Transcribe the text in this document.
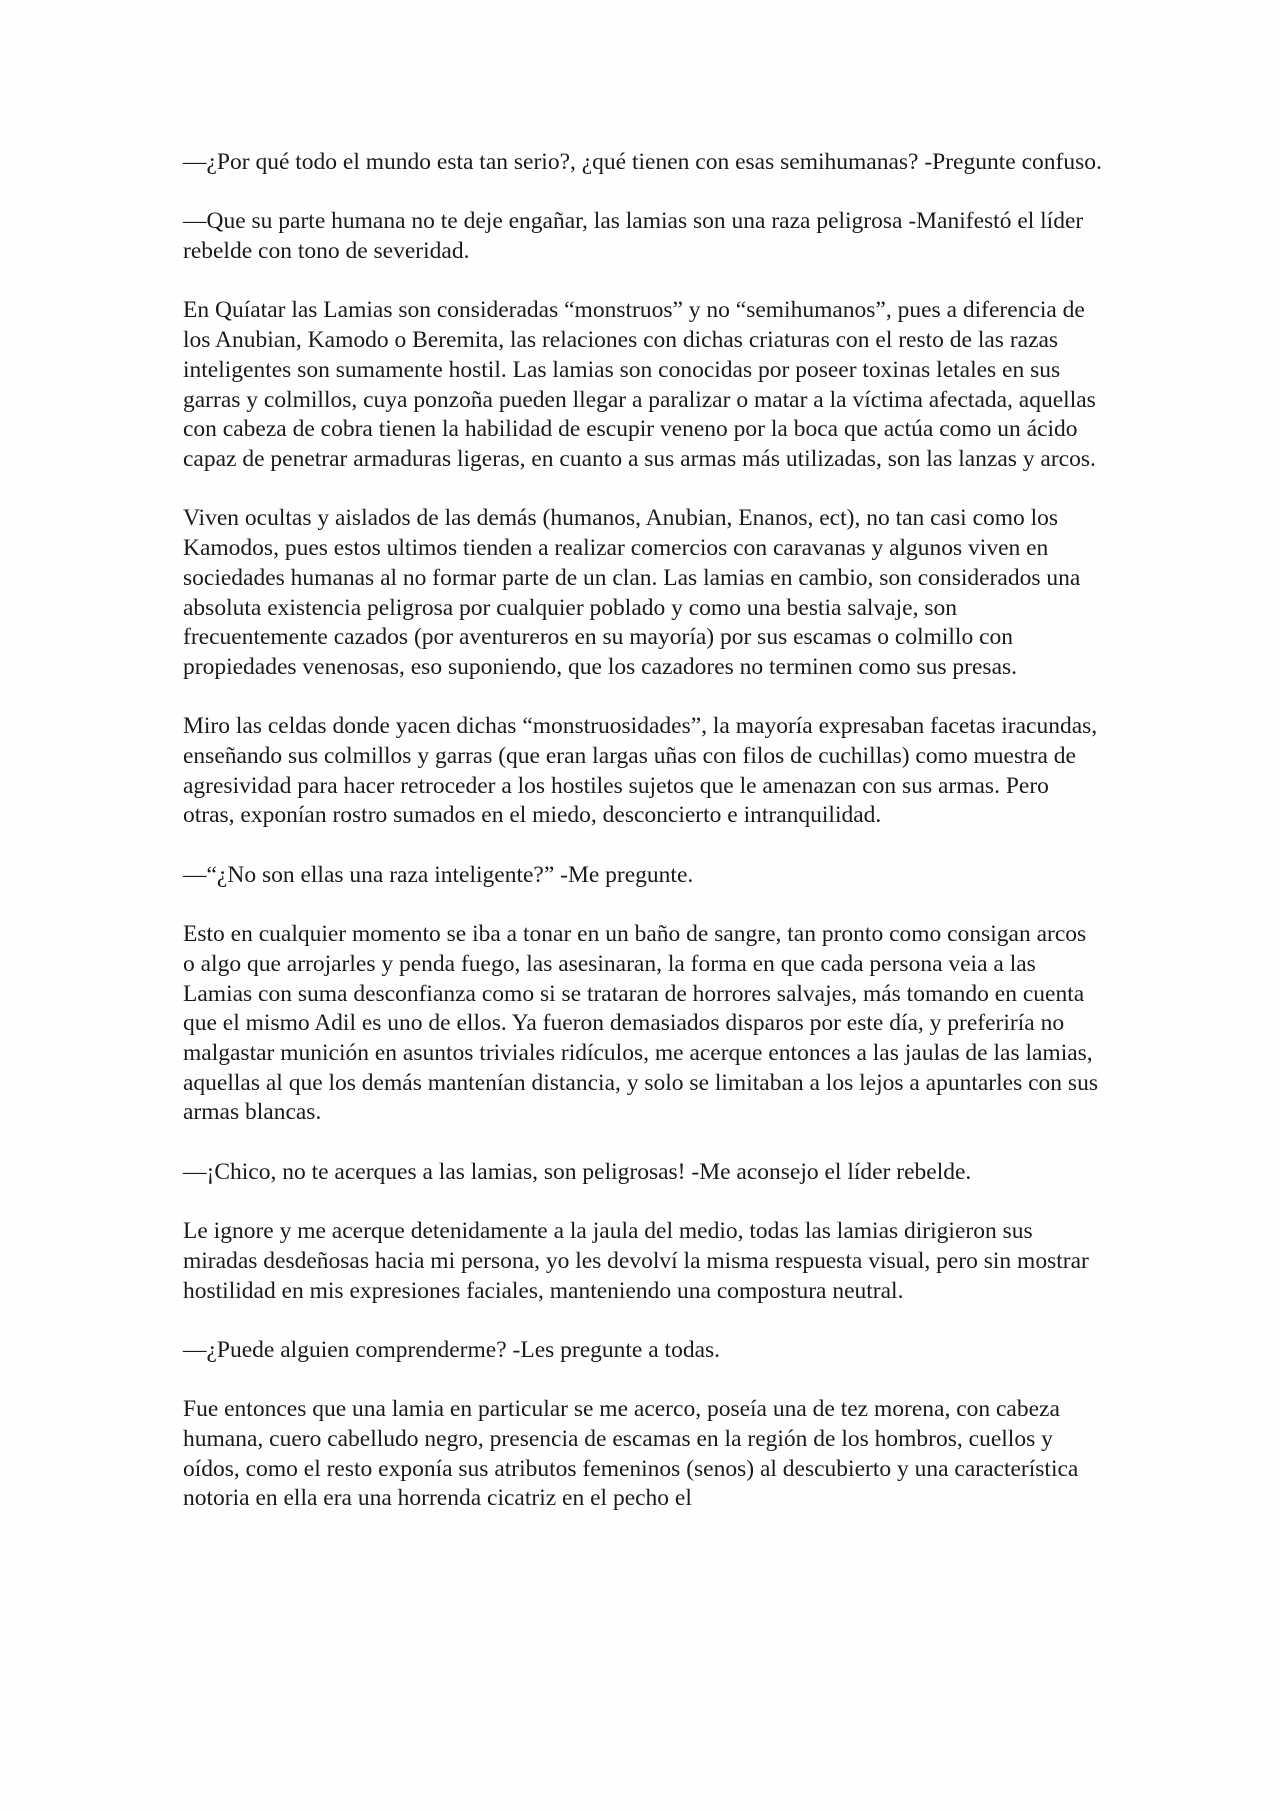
—¿Por qué todo el mundo esta tan serio?, ¿qué tienen con esas semihumanas? -Pregunte confuso.

—Que su parte humana no te deje engañar, las lamias son una raza peligrosa -Manifestó el líder rebelde con tono de severidad.

En Quíatar las Lamias son consideradas “monstruos” y no “semihumanos”, pues a diferencia de los Anubian, Kamodo o Beremita, las relaciones con dichas criaturas con el resto de las razas inteligentes son sumamente hostil. Las lamias son conocidas por poseer toxinas letales en sus garras y colmillos, cuya ponzoña pueden llegar a paralizar o matar a la víctima afectada, aquellas con cabeza de cobra tienen la habilidad de escupir veneno por la boca que actúa como un ácido capaz de penetrar armaduras ligeras, en cuanto a sus armas más utilizadas, son las lanzas y arcos.

Viven ocultas y aislados de las demás (humanos, Anubian, Enanos, ect), no tan casi como los Kamodos, pues estos ultimos tienden a realizar comercios con caravanas y algunos viven en sociedades humanas al no formar parte de un clan. Las lamias en cambio, son considerados una absoluta existencia peligrosa por cualquier poblado y como una bestia salvaje, son frecuentemente cazados (por aventureros en su mayoría) por sus escamas o colmillo con propiedades venenosas, eso suponiendo, que los cazadores no terminen como sus presas.

Miro las celdas donde yacen dichas “monstruosidades”, la mayoría expresaban facetas iracundas, enseñando sus colmillos y garras (que eran largas uñas con filos de cuchillas) como muestra de agresividad para hacer retroceder a los hostiles sujetos que le amenazan con sus armas. Pero otras, exponían rostro sumados en el miedo, desconcierto e intranquilidad.

—“¿No son ellas una raza inteligente?” -Me pregunte.

Esto en cualquier momento se iba a tonar en un baño de sangre, tan pronto como consigan arcos o algo que arrojarles y penda fuego, las asesinaran, la forma en que cada persona veia a las Lamias con suma desconfianza como si se trataran de horrores salvajes, más tomando en cuenta que el mismo Adil es uno de ellos. Ya fueron demasiados disparos por este día, y preferiría no malgastar munición en asuntos triviales ridículos, me acerque entonces a las jaulas de las lamias, aquellas al que los demás mantenían distancia, y solo se limitaban a los lejos a apuntarles con sus armas blancas.

—¡Chico, no te acerques a las lamias, son peligrosas! -Me aconsejo el líder rebelde.

Le ignore y me acerque detenidamente a la jaula del medio, todas las lamias dirigieron sus miradas desdeñosas hacia mi persona, yo les devolví la misma respuesta visual, pero sin mostrar hostilidad en mis expresiones faciales, manteniendo una compostura neutral.

—¿Puede alguien comprenderme? -Les pregunte a todas.

Fue entonces que una lamia en particular se me acerco, poseía una de tez morena, con cabeza humana, cuero cabelludo negro, presencia de escamas en la región de los hombros, cuellos y oídos, como el resto exponía sus atributos femeninos (senos) al descubierto y una característica notoria en ella era una horrenda cicatriz en el pecho el
